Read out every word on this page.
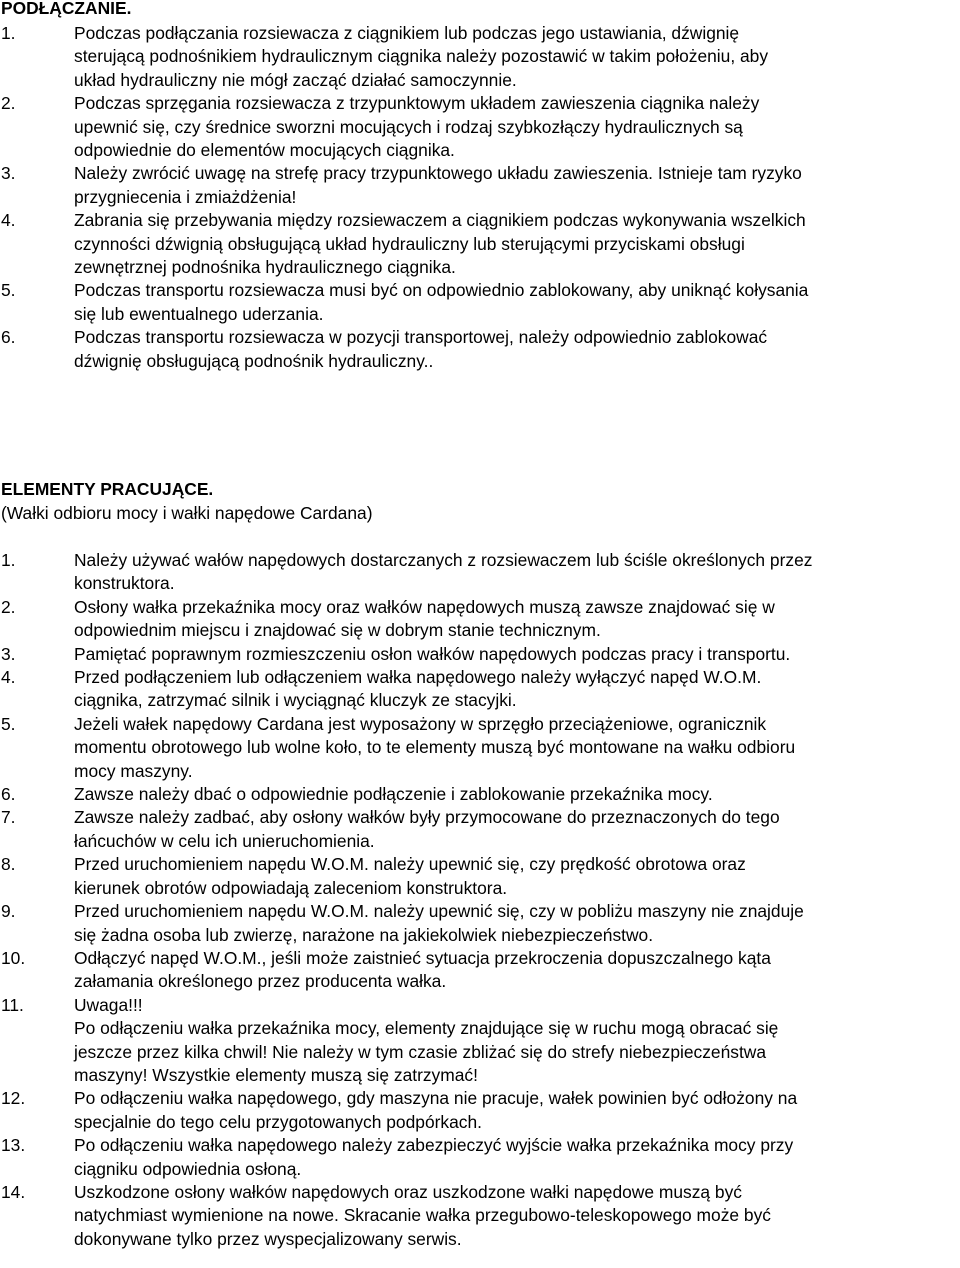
PODŁĄCZANIE.
1.	Podczas podłączania rozsiewacza z ciągnikiem lub podczas jego ustawiania, dźwignię
sterującą podnośnikiem hydraulicznym ciągnika należy pozostawić w takim położeniu, aby
układ hydrauliczny nie mógł zacząć działać samoczynnie.
2.	Podczas sprzęgania rozsiewacza z trzypunktowym układem zawieszenia ciągnika należy
upewnić się, czy średnice sworzni mocujących i rodzaj szybkozłączy hydraulicznych są
odpowiednie do elementów mocujących ciągnika.
3.	Należy zwrócić uwagę na strefę pracy trzypunktowego układu zawieszenia. Istnieje tam ryzyko
przygniecenia i zmiażdżenia!
4.	Zabrania się przebywania między rozsiewaczem a ciągnikiem podczas wykonywania wszelkich
czynności dźwignią obsługującą układ hydrauliczny lub sterującymi przyciskami obsługi
zewnętrznej podnośnika hydraulicznego ciągnika.
5.	Podczas transportu rozsiewacza musi być on odpowiednio zablokowany, aby uniknąć kołysania
się lub ewentualnego uderzania.
6.	Podczas transportu rozsiewacza w pozycji transportowej, należy odpowiednio zablokować
dźwignię obsługującą podnośnik hydrauliczny..
ELEMENTY PRACUJĄCE.

(Wałki odbioru mocy i wałki napędowe Cardana)

1.	Należy używać wałów napędowych dostarczanych z rozsiewaczem lub ściśle określonych przez
konstruktora.
2.	Osłony wałka przekaźnika mocy oraz wałków napędowych muszą zawsze znajdować się w
odpowiednim miejscu i znajdować się w dobrym stanie technicznym.
3.	Pamiętać poprawnym rozmieszczeniu osłon wałków napędowych podczas pracy i transportu.
4.	Przed podłączeniem lub odłączeniem wałka napędowego należy wyłączyć napęd W.O.M.
ciągnika, zatrzymać silnik i wyciągnąć kluczyk ze stacyjki.
5.	Jeżeli wałek napędowy Cardana jest wyposażony w sprzęgło przeciążeniowe, ogranicznik
momentu obrotowego lub wolne koło, to te elementy muszą być montowane na wałku odbioru
mocy maszyny.
6.	Zawsze należy dbać o odpowiednie podłączenie i zablokowanie przekaźnika mocy.
7.	Zawsze należy zadbać, aby osłony wałków były przymocowane do przeznaczonych do tego
łańcuchów w celu ich unieruchomienia.
8.	Przed uruchomieniem napędu W.O.M. należy upewnić się, czy prędkość obrotowa oraz
kierunek obrotów odpowiadają zaleceniom konstruktora.
9.	Przed uruchomieniem napędu W.O.M. należy upewnić się, czy w pobliżu maszyny nie znajduje
się żadna osoba lub zwierzę, narażone na jakiekolwiek niebezpieczeństwo.
10.	Odłączyć napęd W.O.M., jeśli może zaistnieć sytuacja przekroczenia dopuszczalnego kąta
załamania określonego przez producenta wałka.
11.	Uwaga!!!
Po odłączeniu wałka przekaźnika mocy, elementy znajdujące się w ruchu mogą obracać się
jeszcze przez kilka chwil! Nie należy w tym czasie zbliżać się do strefy niebezpieczeństwa
maszyny! Wszystkie elementy muszą się zatrzymać!
12.	Po odłączeniu wałka napędowego, gdy maszyna nie pracuje, wałek powinien być odłożony na
specjalnie do tego celu przygotowanych podpórkach.
13.	Po odłączeniu wałka napędowego należy zabezpieczyć wyjście wałka przekaźnika mocy przy
ciągniku odpowiednia osłoną.
14.	Uszkodzone osłony wałków napędowych oraz uszkodzone wałki napędowe muszą być
natychmiast wymienione na nowe. Skracanie wałka przegubowo-teleskopowego może być
dokonywane tylko przez wyspecjalizowany serwis.
